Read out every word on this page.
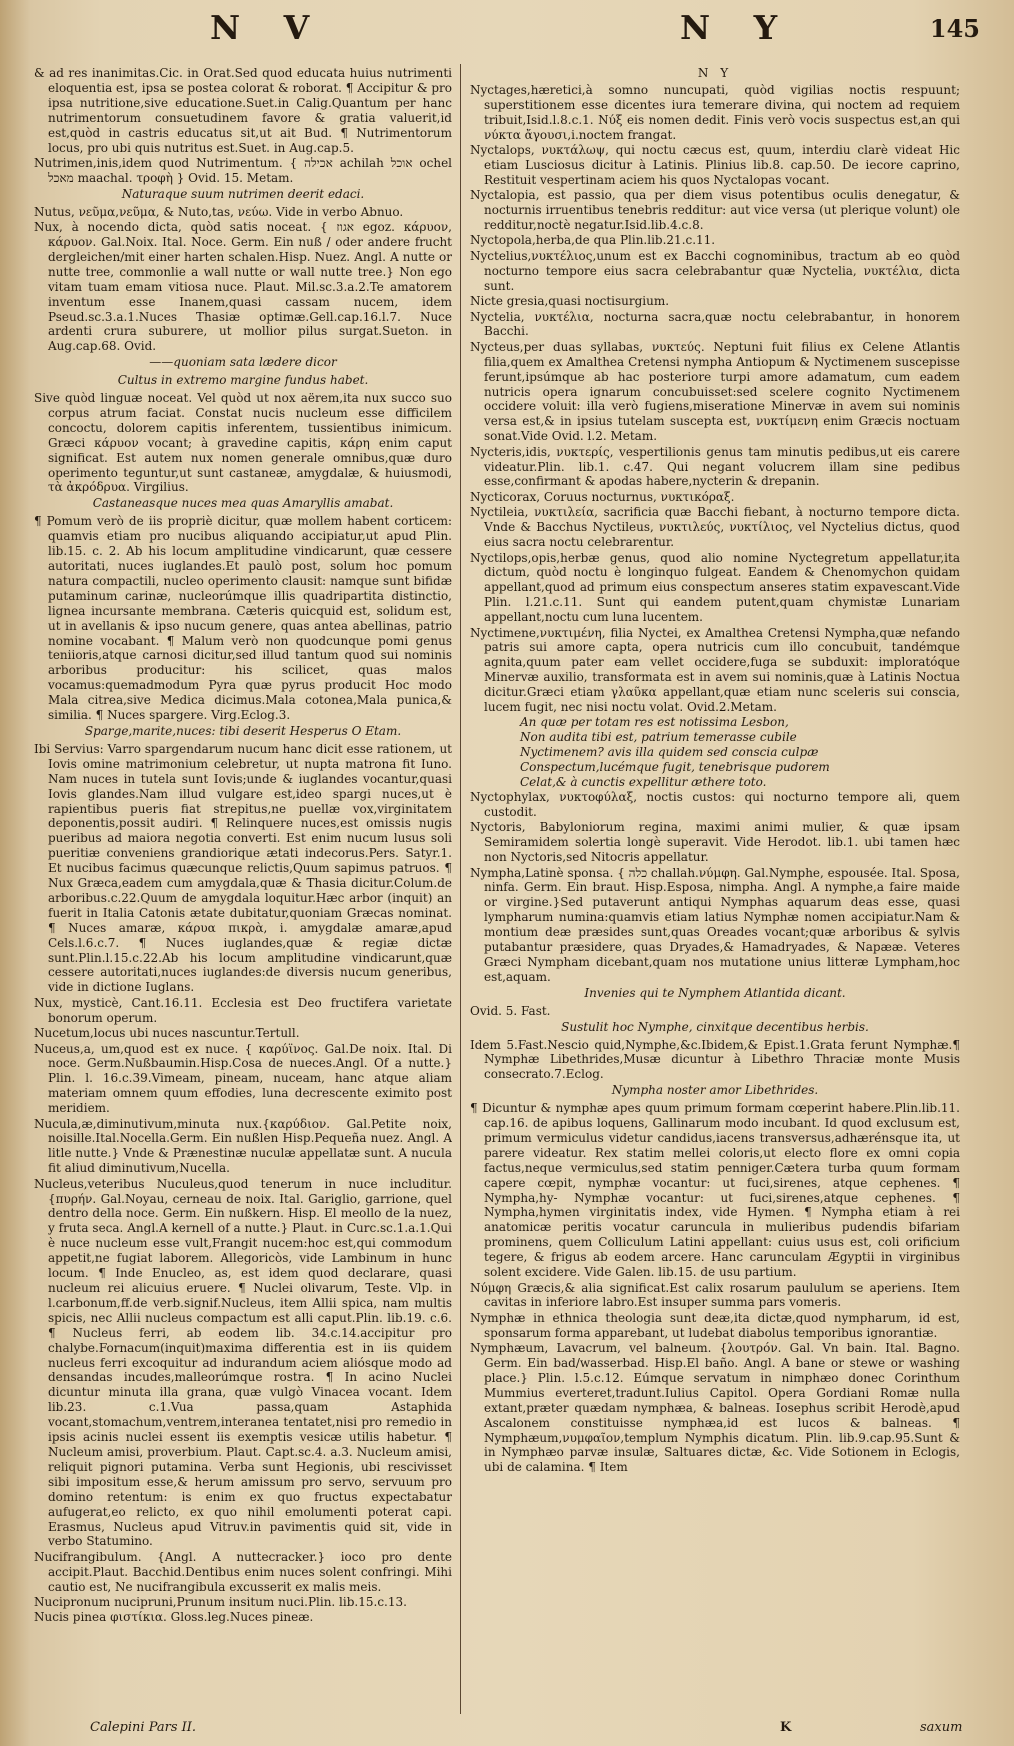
N V	N Y	145

& ad res inanimitas.Cic. in Orat.Sed quod educata huius nutrimenti eloquentia est, ipsa se postea colorat & roborat. ¶ Accipitur & pro ipsa nutritione,sive educatione.Suet.in Calig.Quantum per hanc nutrimentorum consuetudinem favore & gratia valuerit,id est,quòd in castris educatus sit,ut ait Bud. ¶ Nutrimentorum locus, pro ubi quis nutritus est.Suet. in Aug.cap.5.

Nutrimen,inis,idem quod Nutrimentum. { אכילה achilah אוכל ochel מאכל maachal. τροφὴ } Ovid. 15. Metam.

Naturaque suum nutrimen deerit edaci.

Nutus, νεῦμα,νεῦμα, & Nuto,tas, νεύω. Vide in verbo Abnuo.

Nux, à nocendo dicta, quòd satis noceat. { אגוז egoz. κάρυον, κάρυον. Gal.Noix. Ital. Noce. Germ. Ein nuß / oder andere frucht dergleichen/mit einer harten schalen.Hisp. Nuez. Angl. A nutte or nutte tree, commonlie a wall nutte or wall nutte tree.} Non ego vitam tuam emam vitiosa nuce. Plaut. Mil.sc.3.a.2.Te amatorem inventum esse Inanem,quasi cassam nucem, idem Pseud.sc.3.a.1.Nuces Thasiæ optimæ.Gell.cap.16.l.7. Nuce ardenti crura suburere, ut mollior pilus surgat.Sueton. in Aug.cap.68. Ovid.

——quoniam sata lædere dicor

Cultus in extremo margine fundus habet.

Sive quòd linguæ noceat. Vel quòd ut nox aërem,ita nux succo suo corpus atrum faciat. Constat nucis nucleum esse difficilem concoctu, dolorem capitis inferentem, tussientibus inimicum. Græci κάρυον vocant; à gravedine capitis, κάρη enim caput significat. Est autem nux nomen generale omnibus,quæ duro operimento teguntur,ut sunt castaneæ, amygdalæ, & huiusmodi, τὰ ἀκρόδρυα. Virgilius.

Castaneasque nuces mea quas Amaryllis amabat.

¶ Pomum verò de iis propriè dicitur, quæ mollem habent corticem: quamvis etiam pro nucibus aliquando accipiatur,ut apud Plin. lib.15. c. 2. Ab his locum amplitudine vindicarunt, quæ cessere autoritati, nuces iuglandes.Et paulò post, solum hoc pomum natura compactili, nucleo operimento clausit: namque sunt bifidæ putaminum carinæ, nucleorúmque illis quadripartita distinctio, lignea incursante membrana. Cæteris quicquid est, solidum est, ut in avellanis & ipso nucum genere, quas antea abellinas, patrio nomine vocabant. ¶ Malum verò non quodcunque pomi genus teniioris,atque carnosi dicitur,sed illud tantum quod sui nominis arboribus producitur: his scilicet, quas malos vocamus:quemadmodum Pyra quæ pyrus producit Hoc modo Mala citrea,sive Medica dicimus.Mala cotonea,Mala punica,& similia. ¶ Nuces spargere. Virg.Eclog.3.

Sparge,marite,nuces: tibi deserit Hesperus O Etam.

Ibi Servius: Varro spargendarum nucum hanc dicit esse rationem, ut Iovis omine matrimonium celebretur, ut nupta matrona fit Iuno. Nam nuces in tutela sunt Iovis;unde & iuglandes vocantur,quasi Iovis glandes.Nam illud vulgare est,ideo spargi nuces,ut è rapientibus pueris fiat strepitus,ne puellæ vox,virginitatem deponentis,possit audiri. ¶ Relinquere nuces,est omissis nugis pueribus ad maiora negotia converti. Est enim nucum lusus soli pueritiæ conveniens grandiorique ætati indecorus.Pers. Satyr.1. Et nucibus facimus quæcunque relictis,Quum sapimus patruos. ¶ Nux Græca,eadem cum amygdala,quæ & Thasia dicitur.Colum.de arboribus.c.22.Quum de amygdala loquitur.Hæc arbor (inquit) an fuerit in Italia Catonis ætate dubitatur,quoniam Græcas nominat. ¶ Nuces amaræ, κάρυα πικρὰ, i. amygdalæ amaræ,apud Cels.l.6.c.7. ¶ Nuces iuglandes,quæ & regiæ dictæ sunt.Plin.l.15.c.22.Ab his locum amplitudine vindicarunt,quæ cessere autoritati,nuces iuglandes:de diversis nucum generibus, vide in dictione Iuglans.

Nux, mysticè, Cant.16.11. Ecclesia est Deo fructifera varietate bonorum operum.

Nucetum,locus ubi nuces nascuntur.Tertull.

Nuceus,a, um,quod est ex nuce. { καρύϊνος. Gal.De noix. Ital. Di noce. Germ.Nußbaumin.Hisp.Cosa de nueces.Angl. Of a nutte.} Plin. l. 16.c.39.Vimeam, pineam, nuceam, hanc atque aliam materiam omnem quum effodies, luna decrescente eximito post meridiem.

Nucula,æ,diminutivum,minuta nux.{καρύδιον. Gal.Petite noix, noisille.Ital.Nocella.Germ. Ein nußlen Hisp.Pequeña nuez. Angl. A litle nutte.} Vnde & Prænestinæ nuculæ appellatæ sunt. A nucula fit aliud diminutivum,Nucella.

Nucleus,veteribus Nuculeus,quod tenerum in nuce includitur. {πυρήν. Gal.Noyau, cerneau de noix. Ital. Gariglio, garrione, quel dentro della noce. Germ. Ein nußkern. Hisp. El meollo de la nuez, y fruta seca. Angl.A kernell of a nutte.} Plaut. in Curc.sc.1.a.1.Qui è nuce nucleum esse vult,Frangit nucem:hoc est,qui commodum appetit,ne fugiat laborem. Allegoricòs, vide Lambinum in hunc locum. ¶ Inde Enucleo, as, est idem quod declarare, quasi nucleum rei alicuius eruere. ¶ Nuclei olivarum, Teste. Vlp. in l.carbonum,ff.de verb.signif.Nucleus, item Allii spica, nam multis spicis, nec Allii nucleus compactum est alli caput.Plin. lib.19. c.6. ¶ Nucleus ferri, ab eodem lib. 34.c.14.accipitur pro chalybe.Fornacum(inquit)maxima differentia est in iis quidem nucleus ferri excoquitur ad indurandum aciem aliósque modo ad densandas incudes,malleorúmque rostra. ¶ In acino Nuclei dicuntur minuta illa grana, quæ vulgò Vinacea vocant. Idem lib.23. c.1.Vua passa,quam Astaphida vocant,stomachum,ventrem,interanea tentatet,nisi pro remedio in ipsis acinis nuclei essent iis exemptis vesicæ utilis habetur. ¶ Nucleum amisi, proverbium. Plaut. Capt.sc.4. a.3. Nucleum amisi, reliquit pignori putamina. Verba sunt Hegionis, ubi rescivisset sibi impositum esse,& herum amissum pro servo, servuum pro domino retentum: is enim ex quo fructus expectabatur aufugerat,eo relicto, ex quo nihil emolumenti poterat capi. Erasmus, Nucleus apud Vitruv.in pavimentis quid sit, vide in verbo Statumino.

Nucifrangibulum. {Angl. A nuttecracker.} ioco pro dente accipit.Plaut. Bacchid.Dentibus enim nuces solent confringi. Mihi cautio est, Ne nucifrangibula excusserit ex malis meis.

Nucipronum nucipruni,Prunum insitum nuci.Plin. lib.15.c.13.

Nucis pinea φιστίκια. Gloss.leg.Nuces pineæ.

N Y

Nyctages,hæretici,à somno nuncupati, quòd vigilias noctis respuunt; superstitionem esse dicentes iura temerare divina, qui noctem ad requiem tribuit,Isid.l.8.c.1. Νύξ eis nomen dedit. Finis verò vocis suspectus est,an qui νύκτα ἄγουσι,i.noctem frangat.

Nyctalops, νυκτάλωψ, qui noctu cæcus est, quum, interdiu clarè videat Hic etiam Lusciosus dicitur à Latinis. Plinius lib.8. cap.50. De iecore caprino, Restituit vespertinam aciem his quos Nyctalopas vocant.

Nyctalopia, est passio, qua per diem visus potentibus oculis denegatur, & nocturnis irruentibus tenebris redditur: aut vice versa (ut plerique volunt) ole redditur,noctè negatur.Isid.lib.4.c.8.

Nyctopola,herba,de qua Plin.lib.21.c.11.

Nyctelius,νυκτέλιος,unum est ex Bacchi cognominibus, tractum ab eo quòd nocturno tempore eius sacra celebrabantur quæ Nyctelia, νυκτέλια, dicta sunt.

Nicte gresia,quasi noctisurgium.

Nyctelia, νυκτέλια, nocturna sacra,quæ noctu celebrabantur, in honorem Bacchi.

Nycteus,per duas syllabas, νυκτεύς. Neptuni fuit filius ex Celene Atlantis filia,quem ex Amalthea Cretensi nympha Antiopum & Nyctimenem suscepisse ferunt,ipsúmque ab hac posteriore turpi amore adamatum, cum eadem nutricis opera ignarum concubuisset:sed scelere cognito Nyctimenem occidere voluit: illa verò fugiens,miseratione Minervæ in avem sui nominis versa est,& in ipsius tutelam suscepta est, νυκτίμενη enim Græcis noctuam sonat.Vide Ovid. l.2. Metam.

Nycteris,idis, νυκτερίς, vespertilionis genus tam minutis pedibus,ut eis carere videatur.Plin. lib.1. c.47. Qui negant volucrem illam sine pedibus esse,confirmant & apodas habere,nycterin & drepanin.

Nycticorax, Coruus nocturnus, νυκτικόραξ.

Nyctileia, νυκτιλεία, sacrificia quæ Bacchi fiebant, à nocturno tempore dicta. Vnde & Bacchus Nyctileus, νυκτιλεύς, νυκτίλιος, vel Nyctelius dictus, quod eius sacra noctu celebrarentur.

Nyctilops,opis,herbæ genus, quod alio nomine Nyctegretum appellatur,ita dictum, quòd noctu è longinquo fulgeat. Eandem & Chenomychon quidam appellant,quod ad primum eius conspectum anseres statim expavescant.Vide Plin. l.21.c.11. Sunt qui eandem putent,quam chymistæ Lunariam appellant,noctu cum luna lucentem.

Nyctimene,νυκτιμένη, filia Nyctei, ex Amalthea Cretensi Nympha,quæ nefando patris sui amore capta, opera nutricis cum illo concubuit, tandémque agnita,quum pater eam vellet occidere,fuga se subduxit: imploratóque Minervæ auxilio, transformata est in avem sui nominis,quæ à Latinis Noctua dicitur.Græci etiam γλαῦκα appellant,quæ etiam nunc sceleris sui conscia, lucem fugit, nec nisi noctu volat. Ovid.2.Metam.

An quæ per totam res est notissima Lesbon,

Non audita tibi est, patrium temerasse cubile

Nyctimenem? avis illa quidem sed conscia culpæ

Conspectum,lucémque fugit, tenebrisque pudorem

Celat,& à cunctis expellitur æthere toto.

Nyctophylax, νυκτοφύλαξ, noctis custos: qui nocturno tempore ali, quem custodit.

Nyctoris, Babyloniorum regina, maximi animi mulier, & quæ ipsam Semiramidem solertia longè superavit. Vide Herodot. lib.1. ubi tamen hæc non Nyctoris,sed Nitocris appellatur.

Nympha,Latinè sponsa. { כלה challah.νύμφη. Gal.Nymphe, espousée. Ital. Sposa, ninfa. Germ. Ein braut. Hisp.Esposa, nimpha. Angl. A nymphe,a faire maide or virgine.}Sed putaverunt antiqui Nymphas aquarum deas esse, quasi lympharum numina:quamvis etiam latius Nymphæ nomen accipiatur.Nam & montium deæ præsides sunt,quas Oreades vocant;quæ arboribus & sylvis putabantur præsidere, quas Dryades,& Hamadryades, & Napææ. Veteres Græci Nympham dicebant,quam nos mutatione unius litteræ Lympham,hoc est,aquam.

Invenies qui te Nymphem Atlantida dicant.

Ovid. 5. Fast.

Sustulit hoc Nymphe, cinxitque decentibus herbis.

Idem 5.Fast.Nescio quid,Nymphe,&c.Ibidem,& Epist.1.Grata ferunt Nymphæ.¶ Nymphæ Libethrides,Musæ dicuntur à Libethro Thraciæ monte Musis consecrato.7.Eclog.

Nympha noster amor Libethrides.

¶ Dicuntur & nymphæ apes quum primum formam cœperint habere.Plin.lib.11. cap.16. de apibus loquens, Gallinarum modo incubant. Id quod exclusum est, primum vermiculus videtur candidus,iacens transversus,adhærénsque ita, ut parere videatur. Rex statim mellei coloris,ut electo flore ex omni copia factus,neque vermiculus,sed statim penniger.Cætera turba quum formam capere cœpit, nymphæ vocantur: ut fuci,sirenes, atque cephenes. ¶ Nympha,hy- Nymphæ vocantur: ut fuci,sirenes,atque cephenes. ¶ Nympha,hymen virginitatis index, vide Hymen. ¶ Nympha etiam à rei anatomicæ peritis vocatur caruncula in mulieribus pudendis bifariam prominens, quem Colliculum Latini appellant: cuius usus est, coli orificium tegere, & frigus ab eodem arcere. Hanc carunculam Ægyptii in virginibus solent excidere. Vide Galen. lib.15. de usu partium.

Νύμφη Græcis,& alia significat.Est calix rosarum paululum se aperiens. Item cavitas in inferiore labro.Est insuper summa pars vomeris.

Nymphæ in ethnica theologia sunt deæ,ita dictæ,quod nympharum, id est, sponsarum forma apparebant, ut ludebat diabolus temporibus ignorantiæ.

Nymphæum, Lavacrum, vel balneum. {λουτρόν. Gal. Vn bain. Ital. Bagno. Germ. Ein bad/wasserbad. Hisp.El baño. Angl. A bane or stewe or washing place.} Plin. l.5.c.12. Eúmque servatum in nimphæo donec Corinthum Mummius everteret,tradunt.Iulius Capitol. Opera Gordiani Romæ nulla extant,præter quædam nymphæa, & balneas. Iosephus scribit Herodè,apud Ascalonem constituisse nymphæa,id est lucos & balneas. ¶ Nymphæum,νυμφαῖον,templum Nymphis dicatum. Plin. lib.9.cap.95.Sunt & in Nymphæo parvæ insulæ, Saltuares dictæ, &c. Vide Sotionem in Eclogis, ubi de calamina. ¶ Item

Calepini Pars II.	K	saxum
